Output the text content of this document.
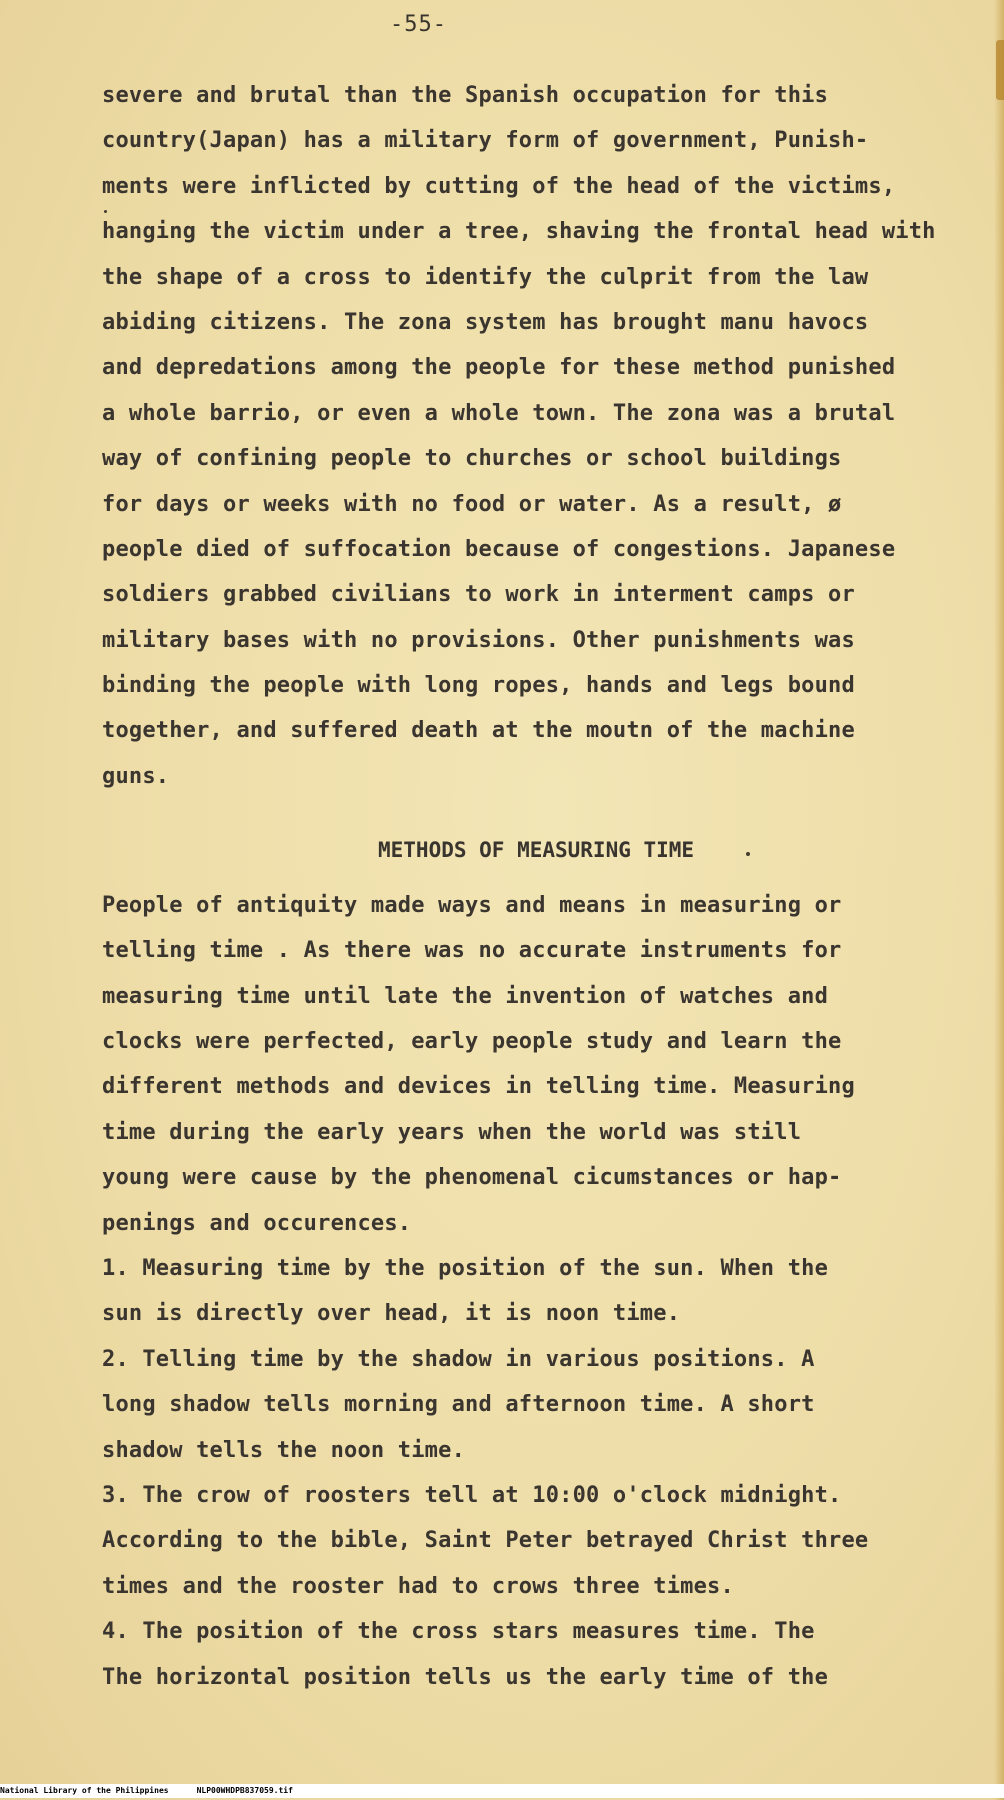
-55-
severe and brutal than the Spanish occupation for this
country(Japan) has a military form of government, Punish-
ments were inflicted by cutting of the head of the victims,
hanging the victim under a tree, shaving the frontal head with
the shape of a cross to identify the culprit from the law
abiding citizens. The zona system has brought manu havocs
and depredations among the people for these method punished
a whole barrio, or even a whole town. The zona was a brutal
way of confining people to churches or school buildings
for days or weeks with no food or water. As a result, ø
people died of suffocation because of congestions. Japanese
soldiers grabbed civilians to work in interment camps or
military bases with no provisions. Other punishments was
binding the people with long ropes, hands and legs bound
together, and suffered death at the moutn of the machine
guns.
METHODS OF MEASURING TIME
People of antiquity made ways and means in measuring or
telling time . As there was no accurate instruments for
measuring time until late the invention of watches and
clocks were perfected, early people study and learn the
different methods and devices in telling time. Measuring
time during the early years when the world was still
young were cause by the phenomenal cicumstances or hap-
penings and occurences.
1. Measuring time by the position of the sun. When the
sun is directly over head, it is noon time.
2. Telling time by the shadow in various positions. A
long shadow tells morning and afternoon time. A short
shadow tells the noon time.
3. The crow of roosters tell at 10:00 o'clock midnight.
According to the bible, Saint Peter betrayed Christ three
times and the rooster had to crows three times.
4. The position of the cross stars measures time. The
The horizontal position tells us the early time of the
National Library of the Philippines	NLP00WHDPB837059.tif
